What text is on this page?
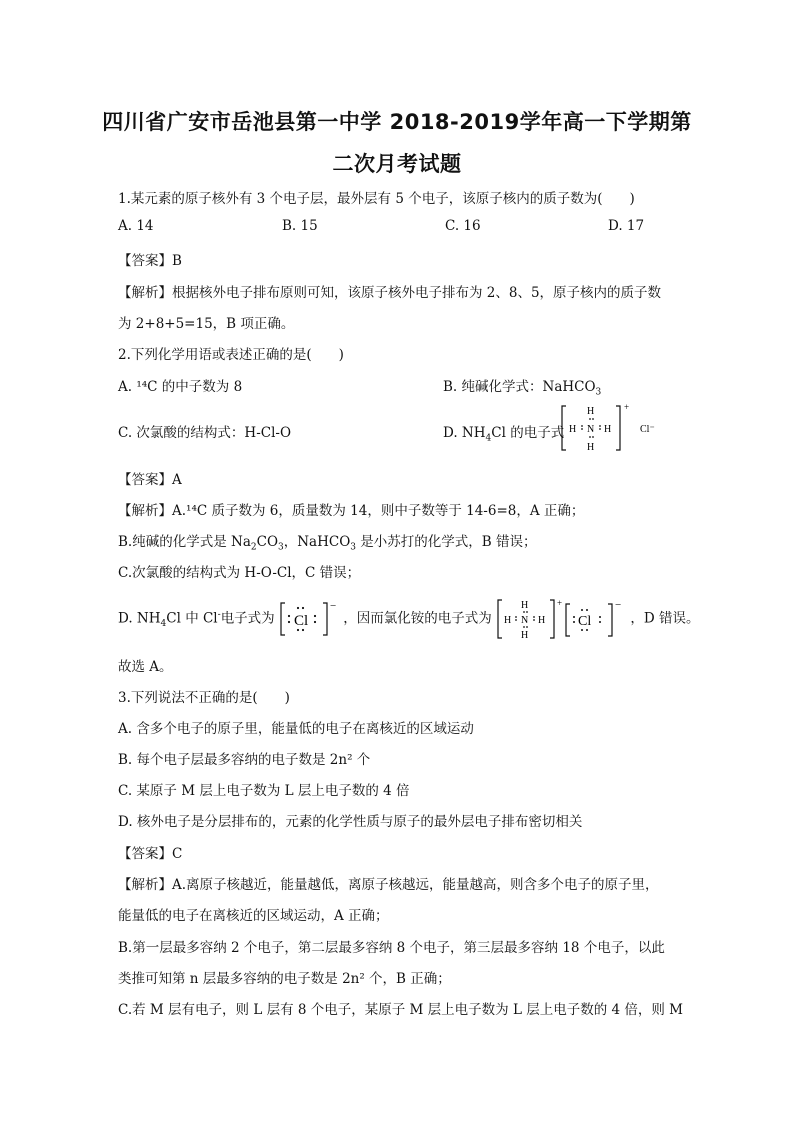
四川省广安市岳池县第一中学 2018-2019学年高一下学期第
二次月考试题
1.某元素的原子核外有 3 个电子层，最外层有 5 个电子，该原子核内的质子数为(　　)
A. 14	B. 15	C. 16	D. 17
【答案】B
【解析】根据核外电子排布原则可知，该原子核外电子排布为 2、8、5，原子核内的质子数
为 2+8+5=15，B 项正确。
2.下列化学用语或表述正确的是(　　)
A. ¹⁴C 的中子数为 8	B. 纯碱化学式：NaHCO$_3$
C. 次氯酸的结构式：H-Cl-O	D. $NH_4Cl$ 的电子式
H
H N H
H
+
Cl⁻
【答案】A
【解析】A.¹⁴C 质子数为 6，质量数为 14，则中子数等于 14-6=8，A 正确；
B.纯碱的化学式是 $Na_2CO_3$，NaHCO$_3$ 是小苏打的化学式，B 错误；
C.次氯酸的结构式为 H-O-Cl，C 错误；
D. $NH_4Cl$ 中 Cl-电子式为 Cl
−
，因而氯化铵的电子式为
H
H N H
H
+
Cl
−
，D 错误。
故选 A。
3.下列说法不正确的是(　　)
A. 含多个电子的原子里，能量低的电子在离核近的区域运动
B. 每个电子层最多容纳的电子数是 2n² 个
C. 某原子 M 层上电子数为 L 层上电子数的 4 倍
D. 核外电子是分层排布的，元素的化学性质与原子的最外层电子排布密切相关
【答案】C
【解析】A.离原子核越近，能量越低，离原子核越远，能量越高，则含多个电子的原子里，
能量低的电子在离核近的区域运动，A 正确；
B.第一层最多容纳 2 个电子，第二层最多容纳 8 个电子，第三层最多容纳 18 个电子，以此
类推可知第 n 层最多容纳的电子数是 2n² 个，B 正确；
C.若 M 层有电子，则 L 层有 8 个电子，某原子 M 层上电子数为 L 层上电子数的 4 倍，则 M
